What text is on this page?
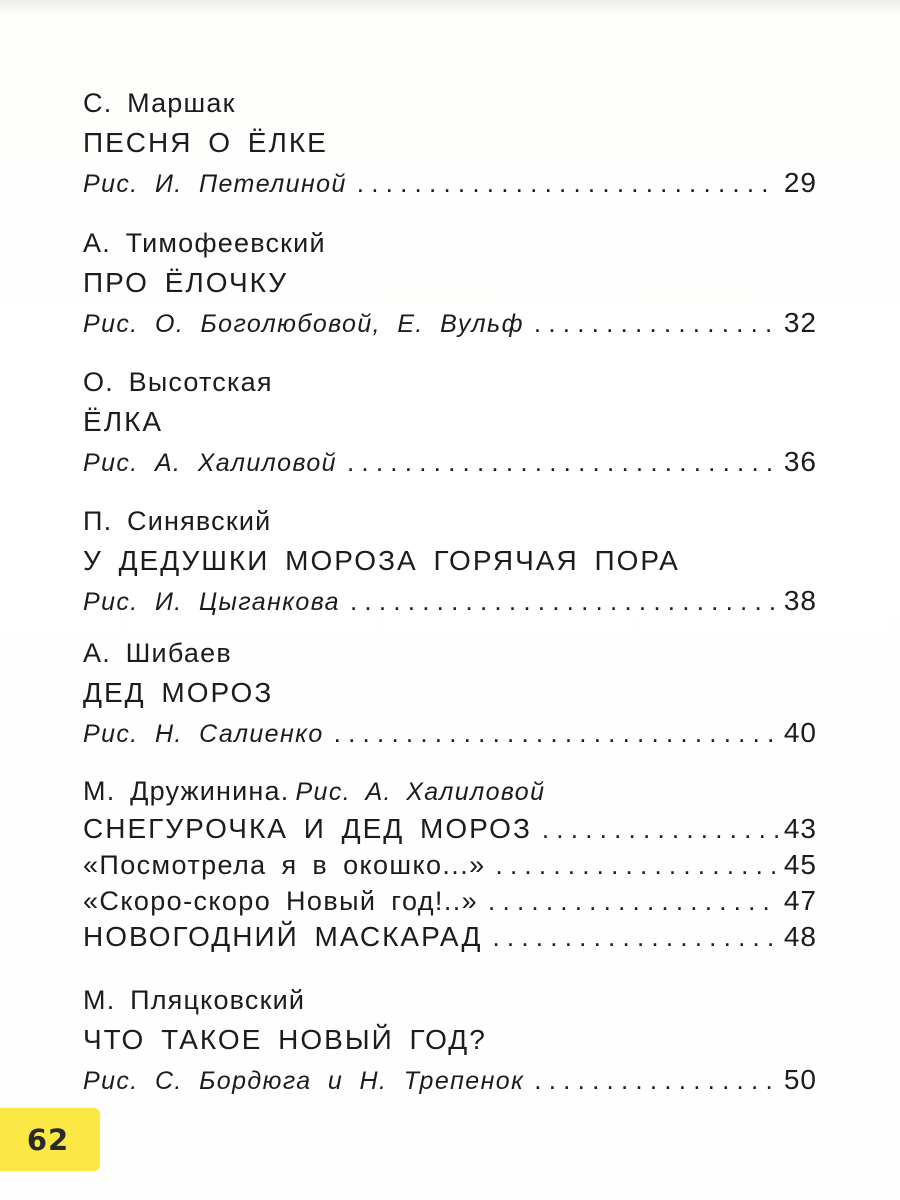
С. Маршак
ПЕСНЯ О ЁЛКЕ
Рис. И. Петелиной . . .	29
А. Тимофеевский
ПРО ЁЛОЧКУ
Рис. О. Боголюбовой, Е. Вульф . . .	32
О. Высотская
ЁЛКА
Рис. А. Халиловой . . .	36
П. Синявский
У ДЕДУШКИ МОРОЗА ГОРЯЧАЯ ПОРА
Рис. И. Цыганкова . . .	38
А. Шибаев
ДЕД МОРОЗ
Рис. Н. Салиенко . . .	40
М. Дружинина. Рис. А. Халиловой
СНЕГУРОЧКА И ДЕД МОРОЗ . . .	43
«Посмотрела я в окошко...» . . .	45
«Скоро-скоро Новый год!..» . . .	47
НОВОГОДНИЙ МАСКАРАД . . .	48
М. Пляцковский
ЧТО ТАКОЕ НОВЫЙ ГОД?
Рис. С. Бордюга и Н. Трепенок . . .	50
62
